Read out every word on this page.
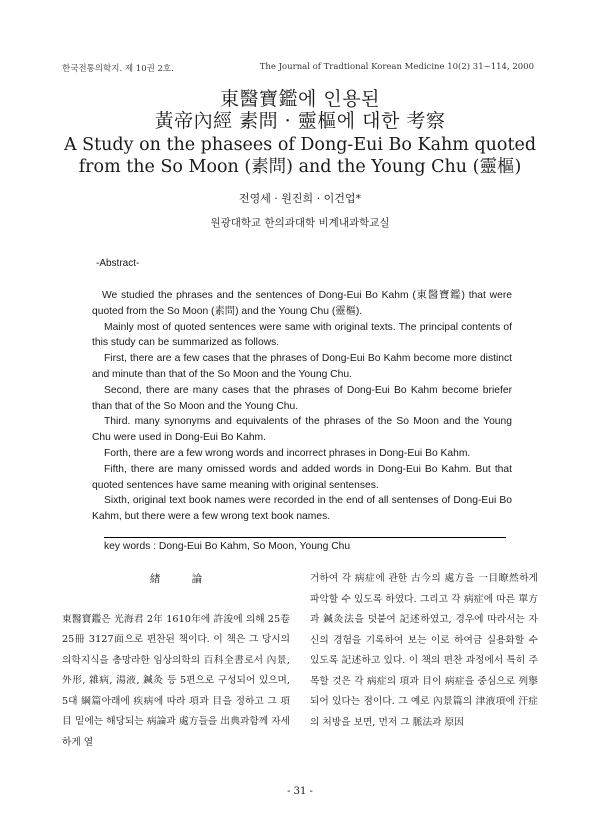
한국전통의학지. 제 10권 2호.	The Journal of Tradtional Korean Medicine 10(2) 31~114, 2000
東醫寶鑑에 인용된
黃帝內經 素問 · 靈樞에 대한 考察
A Study on the phasees of Dong-Eui Bo Kahm quoted
from the So Moon (素問) and the Young Chu (靈樞)
전영세 · 원진희 · 이건업*
원광대학교 한의과대학 비계내과학교실
-Abstract-

We studied the phrases and the sentences of Dong-Eui Bo Kahm (東醫寶鑑) that were quoted from the So Moon (素問) and the Young Chu (靈樞).

Mainly most of quoted sentences were same with original texts. The principal contents of this study can be summarized as follows.

First, there are a few cases that the phrases of Dong-Eui Bo Kahm become more distinct and minute than that of the So Moon and the Young Chu.

Second, there are many cases that the phrases of Dong-Eui Bo Kahm become briefer than that of the So Moon and the Young Chu.

Third. many synonyms and equivalents of the phrases of the So Moon and the Young Chu were used in Dong-Eui Bo Kahm.

Forth, there are a few wrong words and incorrect phrases in Dong-Eui Bo Kahm.

Fifth, there are many omissed words and added words in Dong-Eui Bo Kahm. But that quoted sentences have same meaning with original sentenses.

Sixth, original text book names were recorded in the end of all sentenses of Dong-Eui Bo Kahm, but there were a few wrong text book names.

key words : Dong-Eui Bo Kahm, So Moon, Young Chu
緖 論

東醫寶鑑은 光海君 2年 1610年에 許浚에 의해 25卷 25冊 3127面으로 편찬된 책이다. 이 책은 그 당시의 의학지식을 총망라한 임상의학의 百科全書로서 內景, 外形, 雜病, 湯液, 鍼灸 등 5편으로 구성되어 있으며, 5대 綱篇아래에 疾病에 따라 項과 目을 정하고 그 項目 밑에는 해당되는 病論과 處方들을 出典과함께 자세하게 열

거하여 각 病症에 관한 古今의 處方을 一目瞭然하게 파악할 수 있도록 하였다. 그리고 각 病症에 따른 單方과 鍼灸法을 덧붙여 記述하였고, 경우에 따라서는 자신의 경험을 기록하여 보는 이로 하여금 실용화할 수 있도록 記述하고 있다. 이 책의 편찬 과정에서 특히 주목할 것은 각 病症의 項과 目이 病症을 중심으로 列擧되어 있다는 점이다. 그 예로 內景篇의 津液項에 汗症의 처방을 보면, 먼저 그 脈法과 原因

- 31 -
